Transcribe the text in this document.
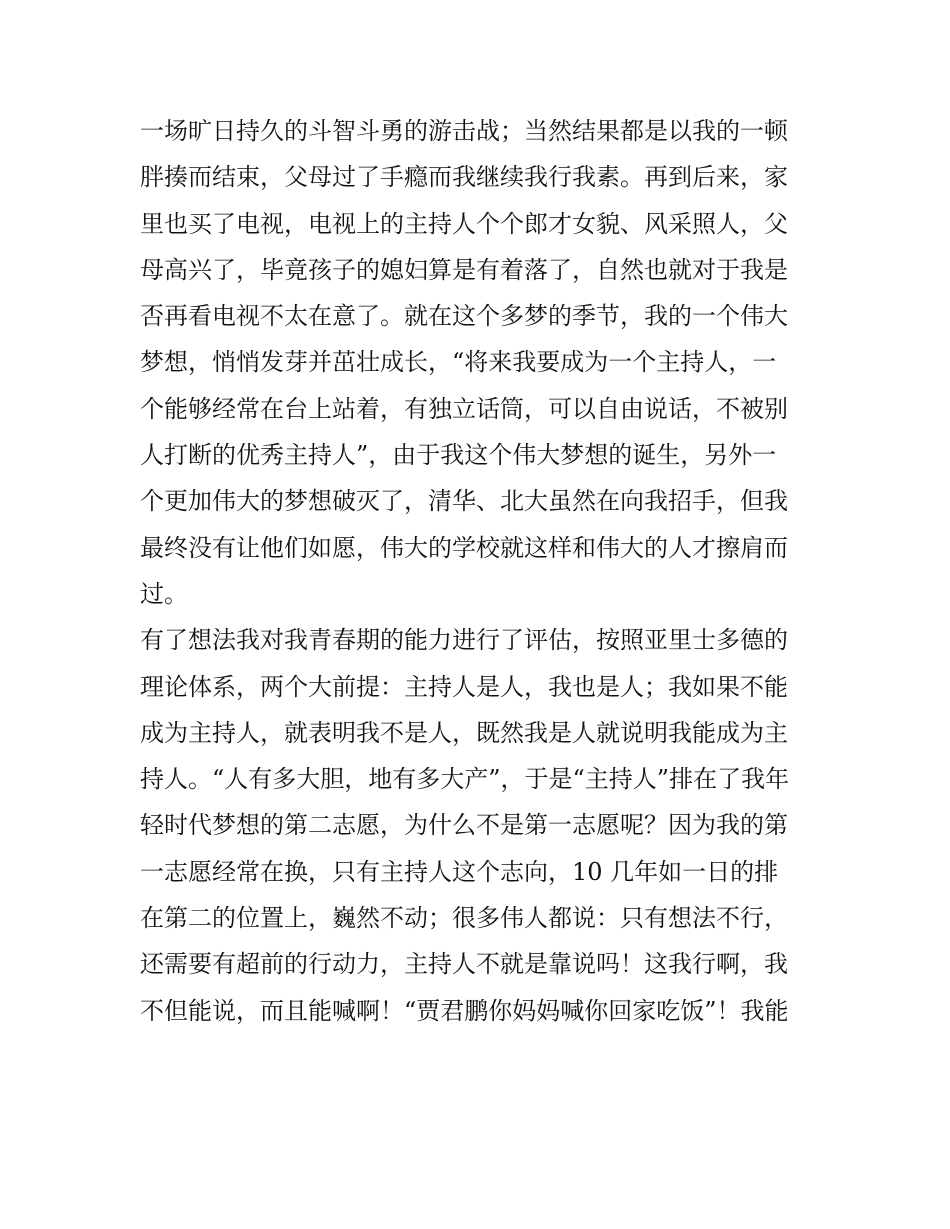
一场旷日持久的斗智斗勇的游击战；当然结果都是以我的一顿
胖揍而结束，父母过了手瘾而我继续我行我素。再到后来，家
里也买了电视，电视上的主持人个个郎才女貌、风采照人，父
母高兴了，毕竟孩子的媳妇算是有着落了，自然也就对于我是
否再看电视不太在意了。就在这个多梦的季节，我的一个伟大
梦想，悄悄发芽并茁壮成长，“将来我要成为一个主持人，一
个能够经常在台上站着，有独立话筒，可以自由说话，不被别
人打断的优秀主持人”，由于我这个伟大梦想的诞生，另外一
个更加伟大的梦想破灭了，清华、北大虽然在向我招手，但我
最终没有让他们如愿，伟大的学校就这样和伟大的人才擦肩而
过。
有了想法我对我青春期的能力进行了评估，按照亚里士多德的
理论体系，两个大前提：主持人是人，我也是人；我如果不能
成为主持人，就表明我不是人，既然我是人就说明我能成为主
持人。“人有多大胆，地有多大产”，于是“主持人”排在了我年
轻时代梦想的第二志愿，为什么不是第一志愿呢？因为我的第
一志愿经常在换，只有主持人这个志向，10 几年如一日的排
在第二的位置上，巍然不动；很多伟人都说：只有想法不行，
还需要有超前的行动力，主持人不就是靠说吗！这我行啊，我
不但能说，而且能喊啊！“贾君鹏你妈妈喊你回家吃饭”！我能
